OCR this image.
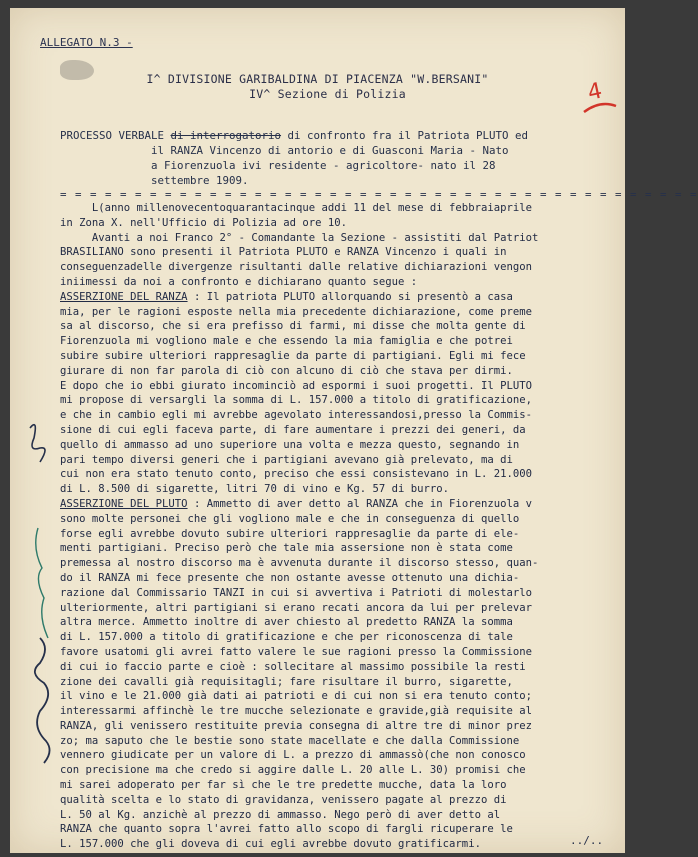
ALLEGATO N.3 -
I^ DIVISIONE GARIBALDINA DI PIACENZA "W.BERSANI"
IV^ Sezione di Polizia	4
PROCESSO VERBALE di interrogatorio di confronto fra il Patriota PLUTO ed
il RANZA Vincenzo di antorio e di Guasconi Maria - Nato
a Fiorenzuola ivi residente - agricoltore- nato il 28
settembre 1909.
= = = = = = = = = = = = = = = = = = = = = = = = = = = = = = = = = = = = = = = = = = =
L(anno millenovecentoquarantacinque addi 11 del mese di febbraiaprile
in Zona X. nell'Ufficio di Polizia ad ore 10.
Avanti a noi Franco 2° - Comandante la Sezione - assistiti dal Patriot
BRASILIANO sono presenti il Patriota PLUTO e RANZA Vincenzo i quali in
conseguenzadelle divergenze risultanti dalle relative dichiarazioni vengon
iniimessi da noi a confronto e dichiarano quanto segue :
ASSERZIONE DEL RANZA : Il patriota PLUTO allorquando si presentò a casa
mia, per le ragioni esposte nella mia precedente dichiarazione, come preme
sa al discorso, che si era prefisso di farmi, mi disse che molta gente di
Fiorenzuola mi vogliono male e che essendo la mia famiglia e che potrei
subire subire ulteriori rappresaglie da parte di partigiani. Egli mi fece
giurare di non far parola di ciò con alcuno di ciò che stava per dirmi.
E dopo che io ebbi giurato incominciò ad espormi i suoi progetti. Il PLUTO
mi propose di versargli la somma di L. 157.000 a titolo di gratificazione,
e che in cambio egli mi avrebbe agevolato interessandosi,presso la Commis-
sione di cui egli faceva parte, di fare aumentare i prezzi dei generi, da
quello di ammasso ad uno superiore una volta e mezza questo, segnando in
pari tempo diversi generi che i partigiani avevano già prelevato, ma di
cui non era stato tenuto conto, preciso che essi consistevano in L. 21.000
di L. 8.500 di sigarette, litri 70 di vino e Kg. 57 di burro.
ASSERZIONE DEL PLUTO : Ammetto di aver detto al RANZA che in Fiorenzuola v
sono molte personei che gli vogliono male e che in conseguenza di quello
forse egli avrebbe dovuto subire ulteriori rappresaglie da parte di ele-
menti partigiani. Preciso però che tale mia assersione non è stata come
premessa al nostro discorso ma è avvenuta durante il discorso stesso, quan-
do il RANZA mi fece presente che non ostante avesse ottenuto una dichia-
razione dal Commissario TANZI in cui si avvertiva i Patrioti di molestarlo
ulteriormente, altri partigiani si erano recati ancora da lui per prelevar
altra merce. Ammetto inoltre di aver chiesto al predetto RANZA la somma
di L. 157.000 a titolo di gratificazione e che per riconoscenza di tale
favore usatomi gli avrei fatto valere le sue ragioni presso la Commissione
di cui io faccio parte e cioè : sollecitare al massimo possibile la resti
zione dei cavalli già requisitagli; fare risultare il burro, sigarette,
il vino e le 21.000 già dati ai patrioti e di cui non si era tenuto conto;
interessarmi affinchè le tre mucche selezionate e gravide,già requisite al
RANZA, gli venissero restituite previa consegna di altre tre di minor prez
zo; ma saputo che le bestie sono state macellate e che dalla Commissione
vennero giudicate per un valore di L. a prezzo di ammassò(che non conosco
con precisione ma che credo si aggire dalle L. 20 alle L. 30) promisi che
mi sarei adoperato per far sì che le tre predette mucche, data la loro
qualità scelta e lo stato di gravidanza, venissero pagate al prezzo di
L. 50 al Kg. anzichè al prezzo di ammasso. Nego però di aver detto al
RANZA che quanto sopra l'avrei fatto allo scopo di fargli ricuperare le
L. 157.000 che gli doveva di cui egli avrebbe dovuto gratificarmi.	../..
